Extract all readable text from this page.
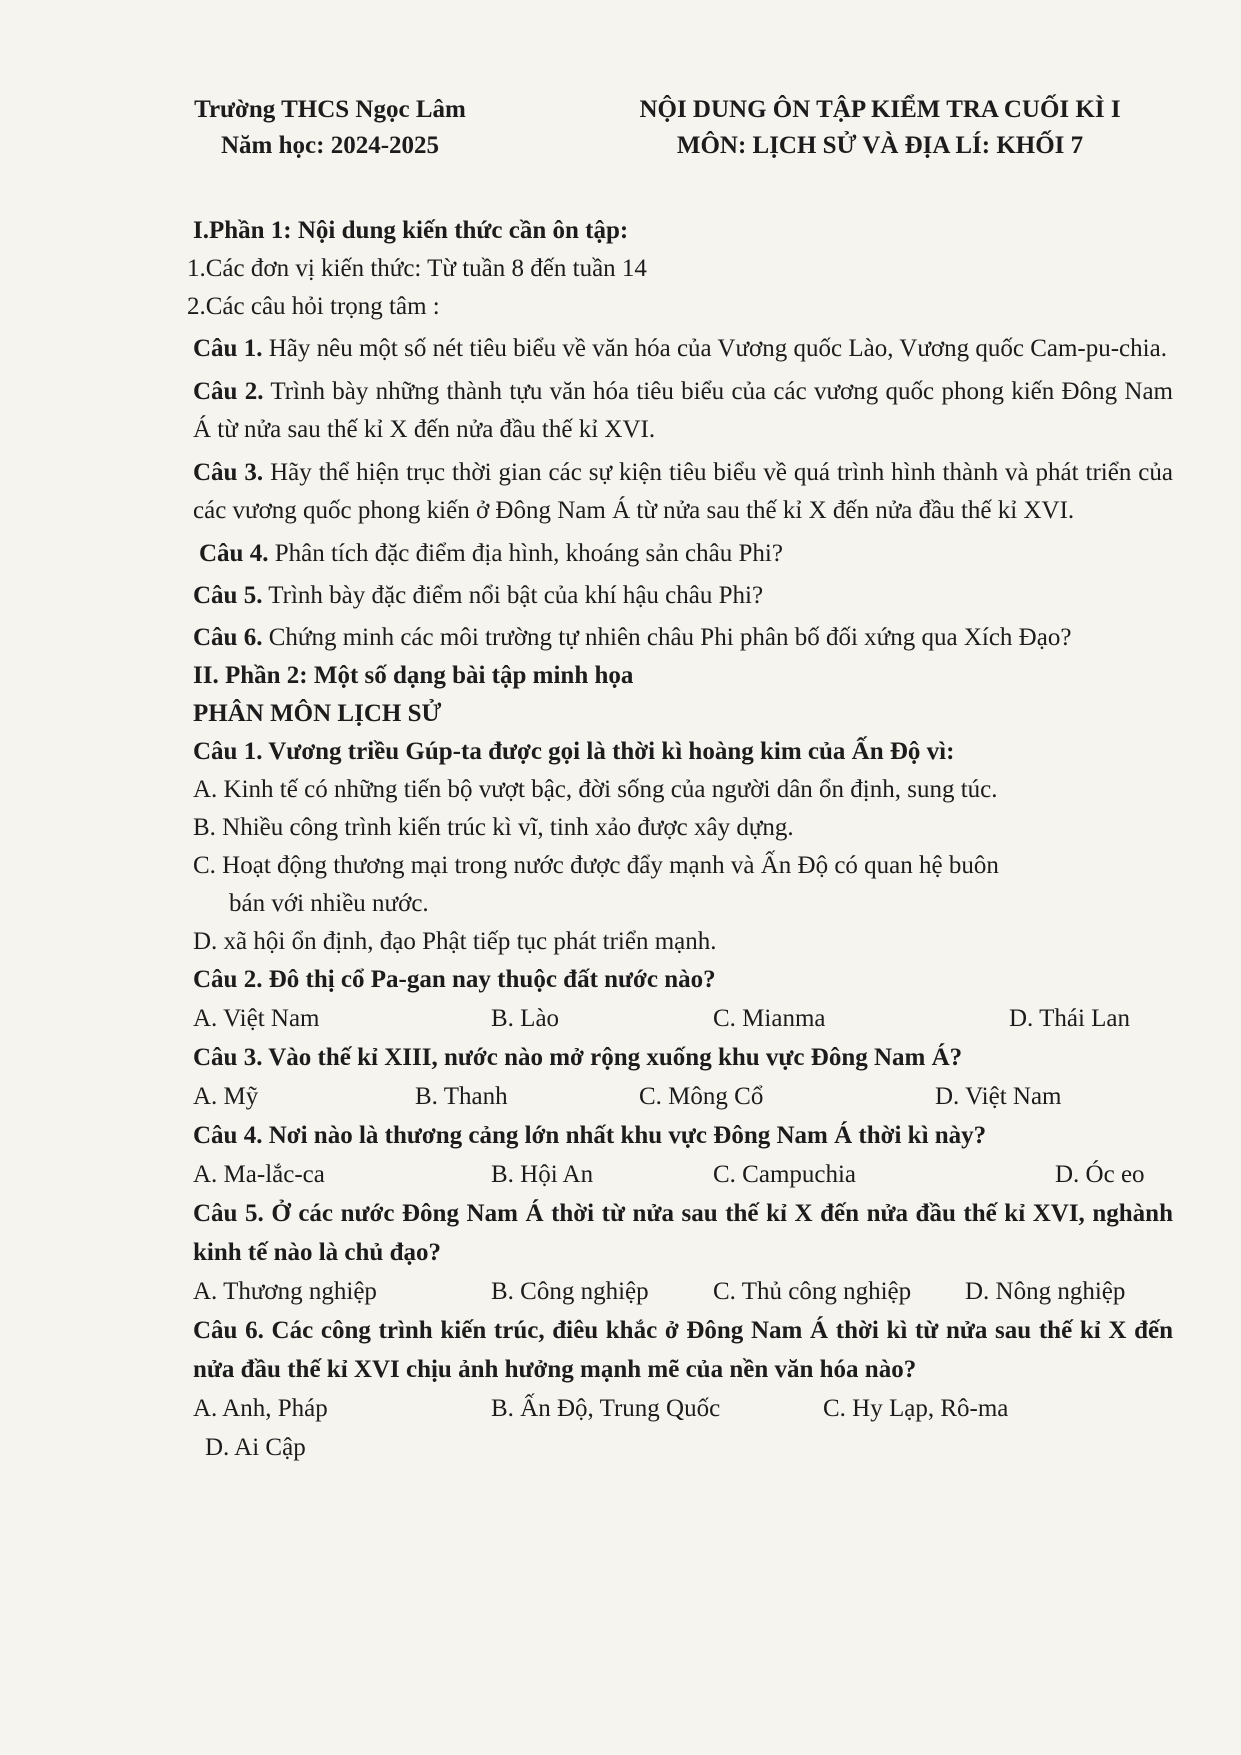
Trường THCS Ngọc Lâm
Năm học: 2024-2025
NỘI DUNG ÔN TẬP KIỂM TRA CUỐI KÌ I
MÔN: LỊCH SỬ VÀ ĐỊA LÍ: KHỐI 7

I.Phần 1: Nội dung kiến thức cần ôn tập:

1.Các đơn vị kiến thức: Từ tuần 8 đến tuần 14

2.Các câu hỏi trọng tâm :

Câu 1. Hãy nêu một số nét tiêu biểu về văn hóa của Vương quốc Lào, Vương quốc Cam-pu-chia.

Câu 2. Trình bày những thành tựu văn hóa tiêu biểu của các vương quốc phong kiến Đông Nam Á từ nửa sau thế kỉ X đến nửa đầu thế kỉ XVI.

Câu 3. Hãy thể hiện trục thời gian các sự kiện tiêu biểu về quá trình hình thành và phát triển của các vương quốc phong kiến ở Đông Nam Á từ nửa sau thế kỉ X đến nửa đầu thế kỉ XVI.

Câu 4. Phân tích đặc điểm địa hình, khoáng sản châu Phi?

Câu 5. Trình bày đặc điểm nổi bật của khí hậu châu Phi?

Câu 6. Chứng minh các môi trường tự nhiên châu Phi phân bố đối xứng qua Xích Đạo?

II. Phần 2: Một số dạng bài tập minh họa

PHÂN MÔN LỊCH SỬ

Câu 1. Vương triều Gúp-ta được gọi là thời kì hoàng kim của Ấn Độ vì:

A. Kinh tế có những tiến bộ vượt bậc, đời sống của người dân ổn định, sung túc.

B. Nhiều công trình kiến trúc kì vĩ, tinh xảo được xây dựng.

C. Hoạt động thương mại trong nước được đẩy mạnh và Ấn Độ có quan hệ buôn

bán với nhiều nước.

D. xã hội ổn định, đạo Phật tiếp tục phát triển mạnh.

Câu 2. Đô thị cổ Pa-gan nay thuộc đất nước nào?

A. Việt Nam	B. Lào	C. Mianma	D. Thái Lan

Câu 3. Vào thế kỉ XIII, nước nào mở rộng xuống khu vực Đông Nam Á?

A. Mỹ	B. Thanh	C. Mông Cổ	D. Việt Nam

Câu 4. Nơi nào là thương cảng lớn nhất khu vực Đông Nam Á thời kì này?

A. Ma-lắc-ca	B. Hội An	C. Campuchia	D. Óc eo

Câu 5. Ở các nước Đông Nam Á thời từ nửa sau thế kỉ X đến nửa đầu thế kỉ XVI, nghành kinh tế nào là chủ đạo?

A. Thương nghiệp	B. Công nghiệp	C. Thủ công nghiệp	D. Nông nghiệp

Câu 6. Các công trình kiến trúc, điêu khắc ở Đông Nam Á thời kì từ nửa sau thế kỉ X đến nửa đầu thế kỉ XVI chịu ảnh hưởng mạnh mẽ của nền văn hóa nào?

A. Anh, Pháp	B. Ấn Độ, Trung Quốc	C. Hy Lạp, Rô-ma

D. Ai Cập
